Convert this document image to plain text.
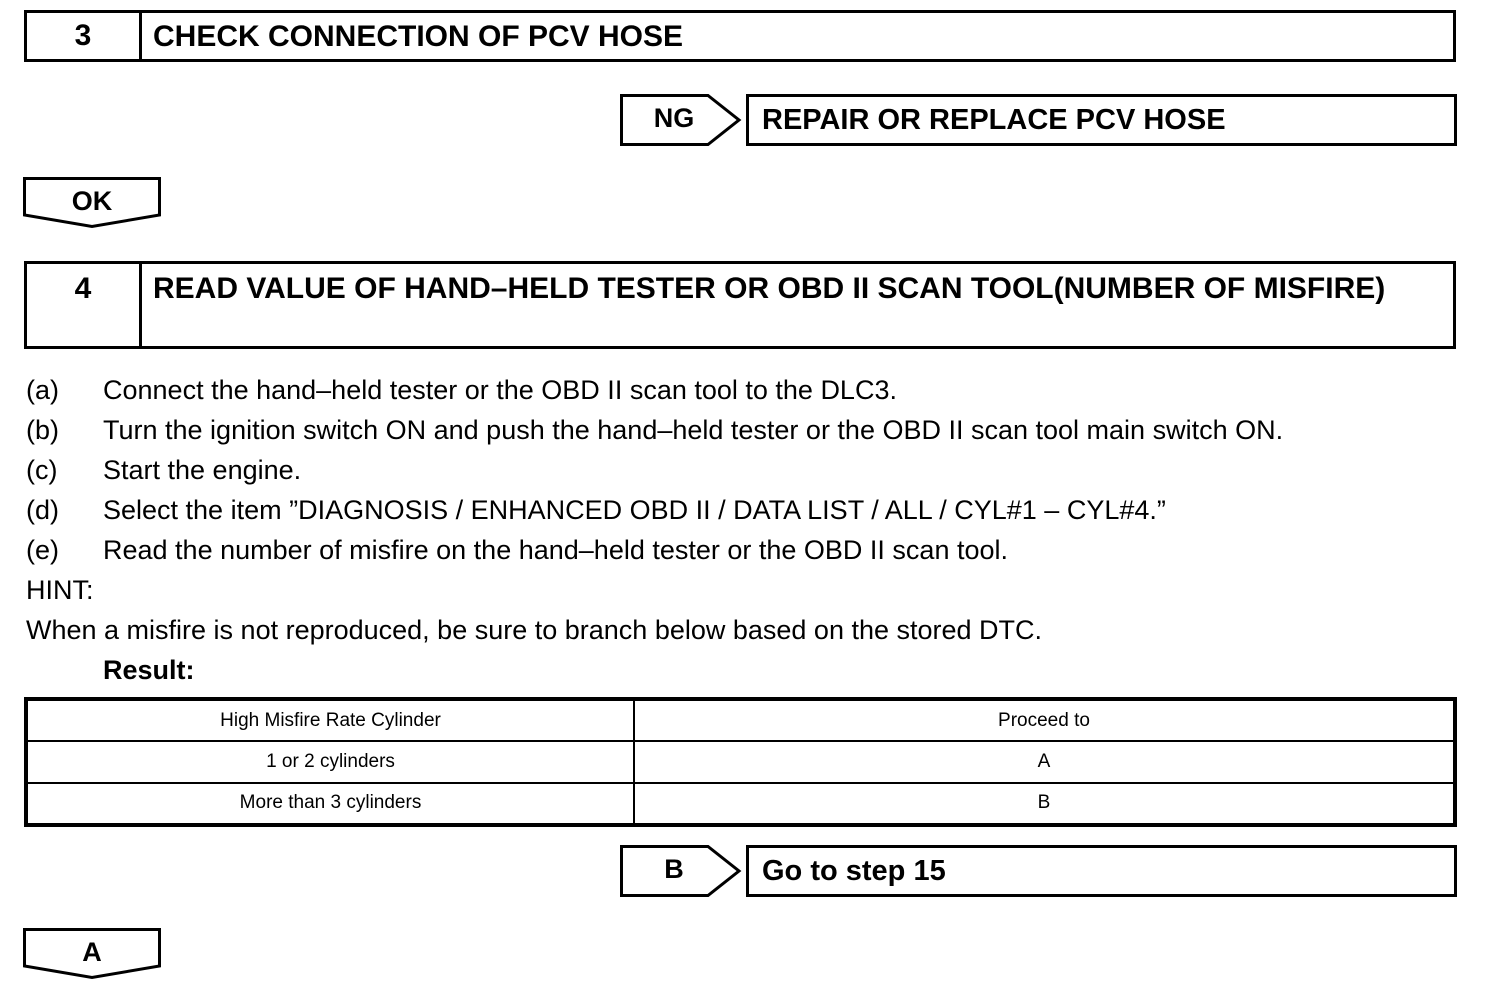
3	CHECK CONNECTION OF PCV HOSE
NG	REPAIR OR REPLACE PCV HOSE
OK
4	READ VALUE OF HAND–HELD TESTER OR OBD II SCAN TOOL(NUMBER OF MISFIRE)
(a) Connect the hand–held tester or the OBD II scan tool to the DLC3.
(b) Turn the ignition switch ON and push the hand–held tester or the OBD II scan tool main switch ON.
(c) Start the engine.
(d) Select the item ”DIAGNOSIS / ENHANCED OBD II / DATA LIST / ALL / CYL#1 – CYL#4.”
(e) Read the number of misfire on the hand–held tester or the OBD II scan tool.
HINT:
When a misfire is not reproduced, be sure to branch below based on the stored DTC.
Result:
High Misfire Rate Cylinder	Proceed to
1 or 2 cylinders	A
More than 3 cylinders	B
B	Go to step 15
A
